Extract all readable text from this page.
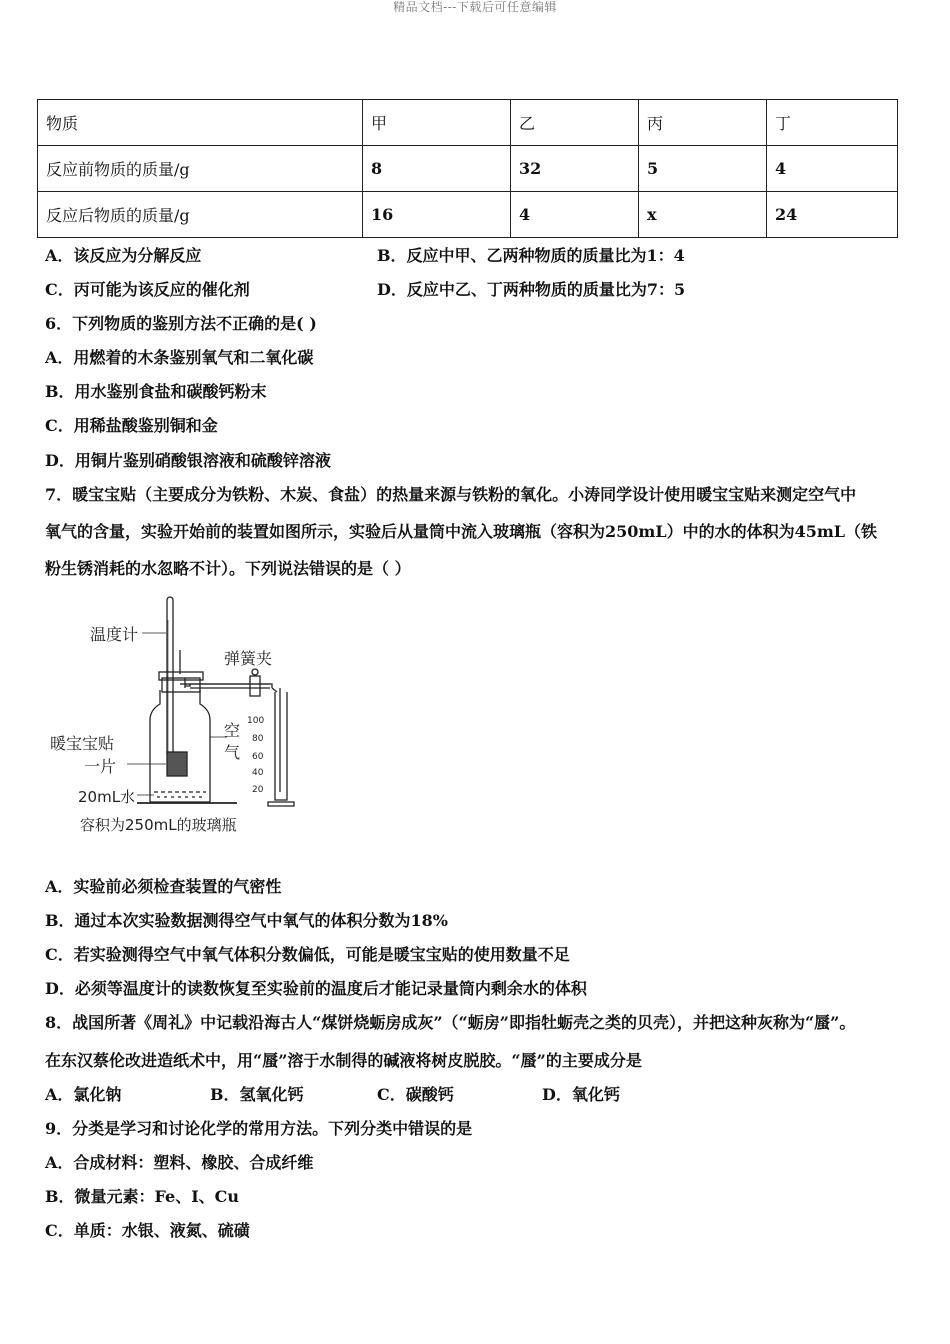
精品文档---下载后可任意编辑
物质	甲	乙	丙	丁
反应前物质的质量/g	8	32	5	4
反应后物质的质量/g	16	4	x	24
A．该反应为分解反应	B．反应中甲、乙两种物质的质量比为1：4
C．丙可能为该反应的催化剂	D．反应中乙、丁两种物质的质量比为7：5
6．下列物质的鉴别方法不正确的是( )
A．用燃着的木条鉴别氧气和二氧化碳
B．用水鉴别食盐和碳酸钙粉末
C．用稀盐酸鉴别铜和金
D．用铜片鉴别硝酸银溶液和硫酸锌溶液
7．暖宝宝贴（主要成分为铁粉、木炭、食盐）的热量来源与铁粉的氧化。小涛同学设计使用暖宝宝贴来测定空气中
氧气的含量，实验开始前的装置如图所示，实验后从量筒中流入玻璃瓶（容积为250mL）中的水的体积为45mL（铁
粉生锈消耗的水忽略不计）。下列说法错误的是（ ）
温度计
弹簧夹
暖宝宝贴
一片
空
气
20mL水
容积为250mL的玻璃瓶
100
80
60
40
20
A．实验前必须检查装置的气密性
B．通过本次实验数据测得空气中氧气的体积分数为18%
C．若实验测得空气中氧气体积分数偏低，可能是暖宝宝贴的使用数量不足
D．必须等温度计的读数恢复至实验前的温度后才能记录量筒内剩余水的体积
8．战国所著《周礼》中记载沿海古人“煤饼烧蛎房成灰”（“蛎房”即指牡蛎壳之类的贝壳），并把这种灰称为“蜃”。
在东汉蔡伦改进造纸术中，用“蜃”溶于水制得的碱液将树皮脱胶。“蜃”的主要成分是
A．氯化钠	B．氢氧化钙	C．碳酸钙	D．氧化钙
9．分类是学习和讨论化学的常用方法。下列分类中错误的是
A．合成材料：塑料、橡胶、合成纤维
B．微量元素：Fe、I、Cu
C．单质：水银、液氮、硫磺
